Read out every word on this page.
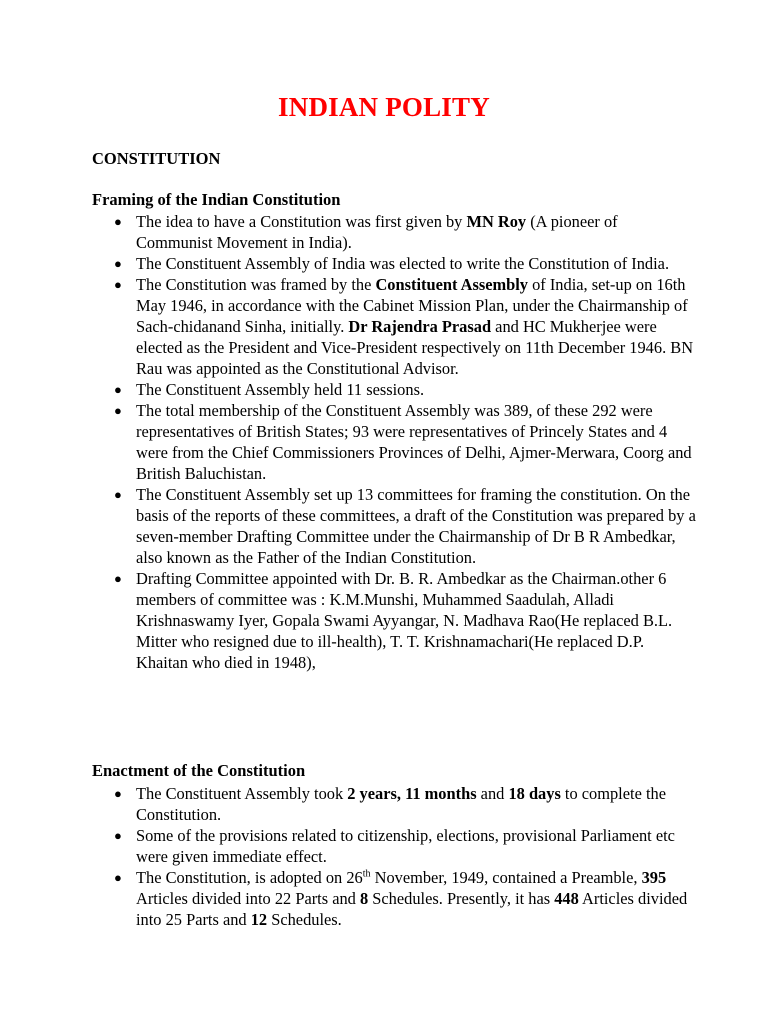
INDIAN POLITY
CONSTITUTION
Framing of the Indian Constitution
● The idea to have a Constitution was first given by MN Roy (A pioneer of Communist Movement in India).
● The Constituent Assembly of India was elected to write the Constitution of India.
● The Constitution was framed by the Constituent Assembly of India, set-up on 16th May 1946, in accordance with the Cabinet Mission Plan, under the Chairmanship of Sach-chidanand Sinha, initially. Dr Rajendra Prasad and HC Mukherjee were elected as the President and Vice-President respectively on 11th December 1946. BN Rau was appointed as the Constitutional Advisor.
● The Constituent Assembly held 11 sessions.
● The total membership of the Constituent Assembly was 389, of these 292 were representatives of British States; 93 were representatives of Princely States and 4 were from the Chief Commissioners Provinces of Delhi, Ajmer-Merwara, Coorg and British Baluchistan.
● The Constituent Assembly set up 13 committees for framing the constitution. On the basis of the reports of these committees, a draft of the Constitution was prepared by a seven-member Drafting Committee under the Chairmanship of Dr B R Ambedkar, also known as the Father of the Indian Constitution.
● Drafting Committee appointed with Dr. B. R. Ambedkar as the Chairman.other 6 members of committee was : K.M.Munshi, Muhammed Saadulah, Alladi Krishnaswamy Iyer, Gopala Swami Ayyangar, N. Madhava Rao(He replaced B.L. Mitter who resigned due to ill-health), T. T. Krishnamachari(He replaced D.P. Khaitan who died in 1948),
Enactment of the Constitution
● The Constituent Assembly took 2 years, 11 months and 18 days to complete the Constitution.
● Some of the provisions related to citizenship, elections, provisional Parliament etc were given immediate effect.
● The Constitution, is adopted on 26th November, 1949, contained a Preamble, 395 Articles divided into 22 Parts and 8 Schedules. Presently, it has 448 Articles divided into 25 Parts and 12 Schedules.
